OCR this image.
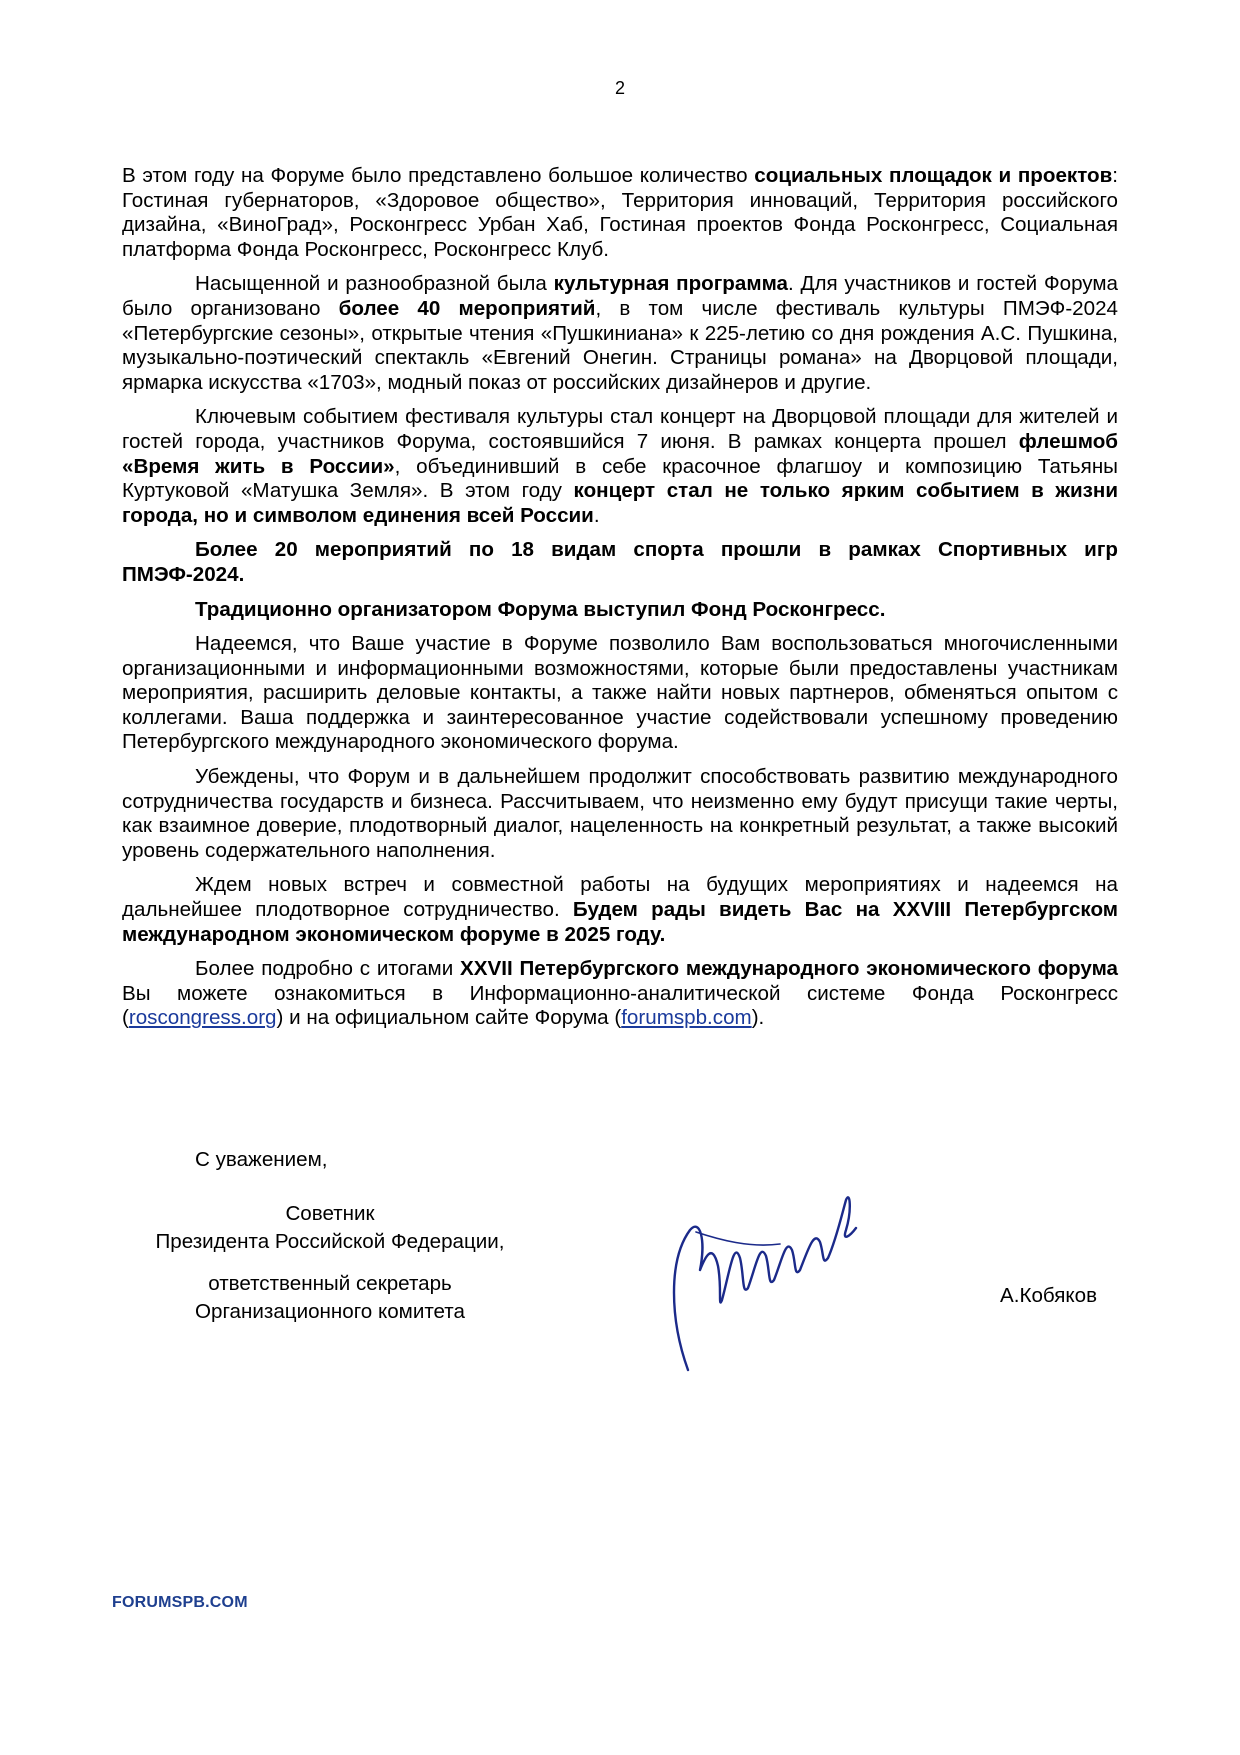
2

В этом году на Форуме было представлено большое количество социальных площадок и проектов: Гостиная губернаторов, «Здоровое общество», Территория инноваций, Территория российского дизайна, «ВиноГрад», Росконгресс Урбан Хаб, Гостиная проектов Фонда Росконгресс, Социальная платформа Фонда Росконгресс, Росконгресс Клуб.

Насыщенной и разнообразной была культурная программа. Для участников и гостей Форума было организовано более 40 мероприятий, в том числе фестиваль культуры ПМЭФ-2024 «Петербургские сезоны», открытые чтения «Пушкиниана» к 225-летию со дня рождения А.С. Пушкина, музыкально-поэтический спектакль «Евгений Онегин. Страницы романа» на Дворцовой площади, ярмарка искусства «1703», модный показ от российских дизайнеров и другие.

Ключевым событием фестиваля культуры стал концерт на Дворцовой площади для жителей и гостей города, участников Форума, состоявшийся 7 июня. В рамках концерта прошел флешмоб «Время жить в России», объединивший в себе красочное флагшоу и композицию Татьяны Куртуковой «Матушка Земля». В этом году концерт стал не только ярким событием в жизни города, но и символом единения всей России.

Более 20 мероприятий по 18 видам спорта прошли в рамках Спортивных игр ПМЭФ-2024.

Традиционно организатором Форума выступил Фонд Росконгресс.

Надеемся, что Ваше участие в Форуме позволило Вам воспользоваться многочисленными организационными и информационными возможностями, которые были предоставлены участникам мероприятия, расширить деловые контакты, а также найти новых партнеров, обменяться опытом с коллегами. Ваша поддержка и заинтересованное участие содействовали успешному проведению Петербургского международного экономического форума.

Убеждены, что Форум и в дальнейшем продолжит способствовать развитию международного сотрудничества государств и бизнеса. Рассчитываем, что неизменно ему будут присущи такие черты, как взаимное доверие, плодотворный диалог, нацеленность на конкретный результат, а также высокий уровень содержательного наполнения.

Ждем новых встреч и совместной работы на будущих мероприятиях и надеемся на дальнейшее плодотворное сотрудничество. Будем рады видеть Вас на XXVIII Петербургском международном экономическом форуме в 2025 году.

Более подробно с итогами XXVII Петербургского международного экономического форума Вы можете ознакомиться в Информационно-аналитической системе Фонда Росконгресс (roscongress.org) и на официальном сайте Форума (forumspb.com).

С уважением,
Советник
Президента Российской Федерации,
ответственный секретарь
Организационного комитета
А.Кобяков
FORUMSPB.COM
